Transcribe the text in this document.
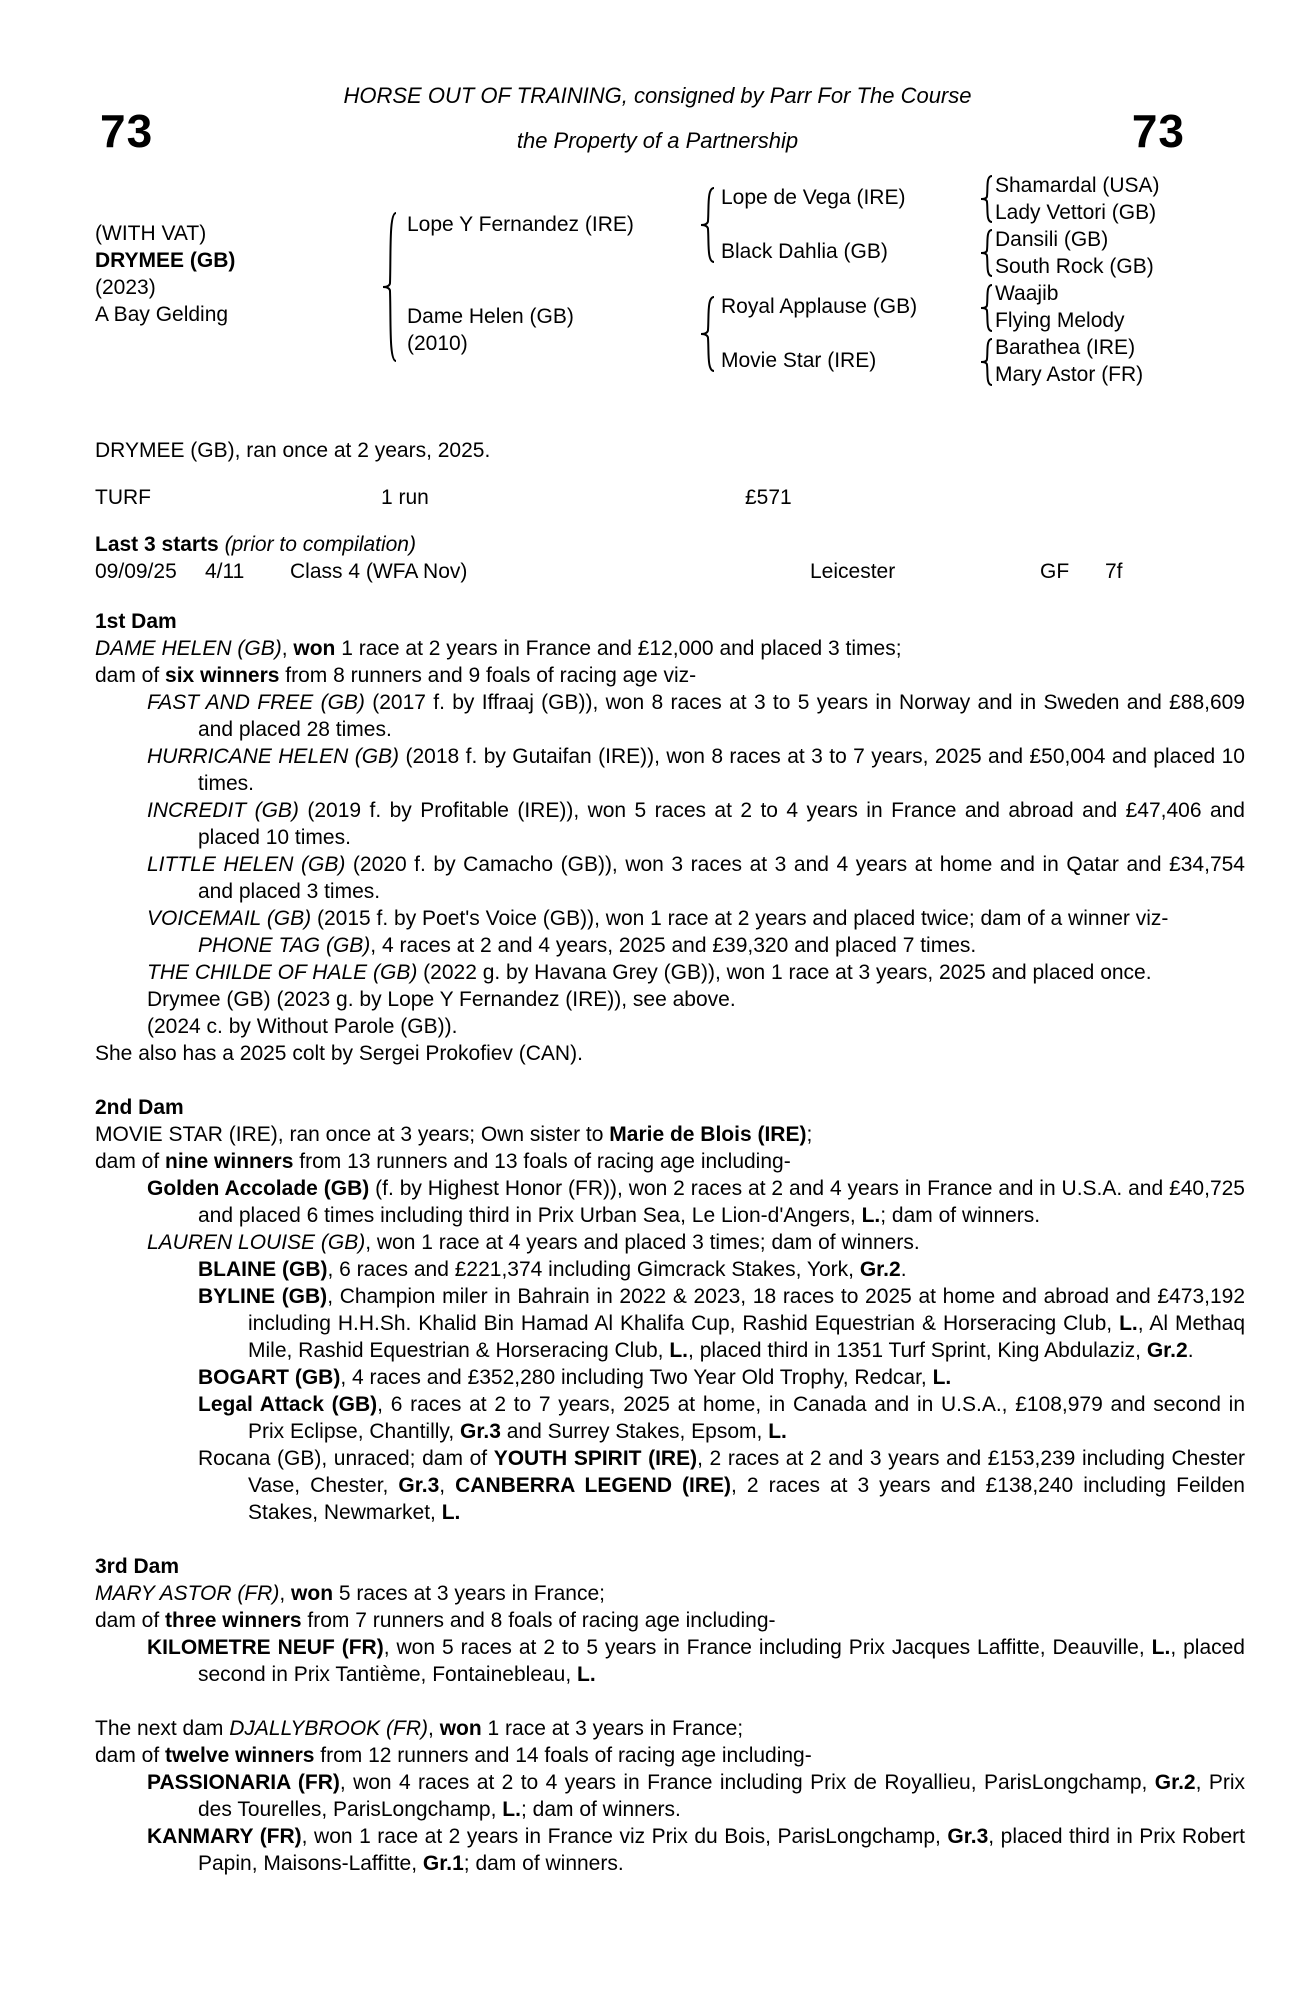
HORSE OUT OF TRAINING, consigned by Parr For The Course
73	the Property of a Partnership	73
(WITH VAT)
DRYMEE (GB)
(2023)
A Bay Gelding
Lope Y Fernandez (IRE)
Dame Helen (GB)
(2010)
Lope de Vega (IRE)
Black Dahlia (GB)
Royal Applause (GB)
Movie Star (IRE)
Shamardal (USA)
Lady Vettori (GB)
Dansili (GB)
South Rock (GB)
Waajib
Flying Melody
Barathea (IRE)
Mary Astor (FR)
DRYMEE (GB), ran once at 2 years, 2025.
TURF	1 run	£571
Last 3 starts (prior to compilation)
09/09/25 4/11 Class 4 (WFA Nov)	Leicester	GF 7f
1st Dam
DAME HELEN (GB), won 1 race at 2 years in France and £12,000 and placed 3 times;
dam of six winners from 8 runners and 9 foals of racing age viz-
FAST AND FREE (GB) (2017 f. by Iffraaj (GB)), won 8 races at 3 to 5 years in Norway and in Sweden and £88,609 and placed 28 times.
HURRICANE HELEN (GB) (2018 f. by Gutaifan (IRE)), won 8 races at 3 to 7 years, 2025 and £50,004 and placed 10 times.
INCREDIT (GB) (2019 f. by Profitable (IRE)), won 5 races at 2 to 4 years in France and abroad and £47,406 and placed 10 times.
LITTLE HELEN (GB) (2020 f. by Camacho (GB)), won 3 races at 3 and 4 years at home and in Qatar and £34,754 and placed 3 times.
VOICEMAIL (GB) (2015 f. by Poet's Voice (GB)), won 1 race at 2 years and placed twice; dam of a winner viz-
PHONE TAG (GB), 4 races at 2 and 4 years, 2025 and £39,320 and placed 7 times.
THE CHILDE OF HALE (GB) (2022 g. by Havana Grey (GB)), won 1 race at 3 years, 2025 and placed once.
Drymee (GB) (2023 g. by Lope Y Fernandez (IRE)), see above.
(2024 c. by Without Parole (GB)).
She also has a 2025 colt by Sergei Prokofiev (CAN).
2nd Dam
MOVIE STAR (IRE), ran once at 3 years; Own sister to Marie de Blois (IRE);
dam of nine winners from 13 runners and 13 foals of racing age including-
Golden Accolade (GB) (f. by Highest Honor (FR)), won 2 races at 2 and 4 years in France and in U.S.A. and £40,725 and placed 6 times including third in Prix Urban Sea, Le Lion-d'Angers, L.; dam of winners.
LAUREN LOUISE (GB), won 1 race at 4 years and placed 3 times; dam of winners.
BLAINE (GB), 6 races and £221,374 including Gimcrack Stakes, York, Gr.2.
BYLINE (GB), Champion miler in Bahrain in 2022 & 2023, 18 races to 2025 at home and abroad and £473,192 including H.H.Sh. Khalid Bin Hamad Al Khalifa Cup, Rashid Equestrian & Horseracing Club, L., Al Methaq Mile, Rashid Equestrian & Horseracing Club, L., placed third in 1351 Turf Sprint, King Abdulaziz, Gr.2.
BOGART (GB), 4 races and £352,280 including Two Year Old Trophy, Redcar, L.
Legal Attack (GB), 6 races at 2 to 7 years, 2025 at home, in Canada and in U.S.A., £108,979 and second in Prix Eclipse, Chantilly, Gr.3 and Surrey Stakes, Epsom, L.
Rocana (GB), unraced; dam of YOUTH SPIRIT (IRE), 2 races at 2 and 3 years and £153,239 including Chester Vase, Chester, Gr.3, CANBERRA LEGEND (IRE), 2 races at 3 years and £138,240 including Feilden Stakes, Newmarket, L.
3rd Dam
MARY ASTOR (FR), won 5 races at 3 years in France;
dam of three winners from 7 runners and 8 foals of racing age including-
KILOMETRE NEUF (FR), won 5 races at 2 to 5 years in France including Prix Jacques Laffitte, Deauville, L., placed second in Prix Tantième, Fontainebleau, L.
The next dam DJALLYBROOK (FR), won 1 race at 3 years in France;
dam of twelve winners from 12 runners and 14 foals of racing age including-
PASSIONARIA (FR), won 4 races at 2 to 4 years in France including Prix de Royallieu, ParisLongchamp, Gr.2, Prix des Tourelles, ParisLongchamp, L.; dam of winners.
KANMARY (FR), won 1 race at 2 years in France viz Prix du Bois, ParisLongchamp, Gr.3, placed third in Prix Robert Papin, Maisons-Laffitte, Gr.1; dam of winners.
